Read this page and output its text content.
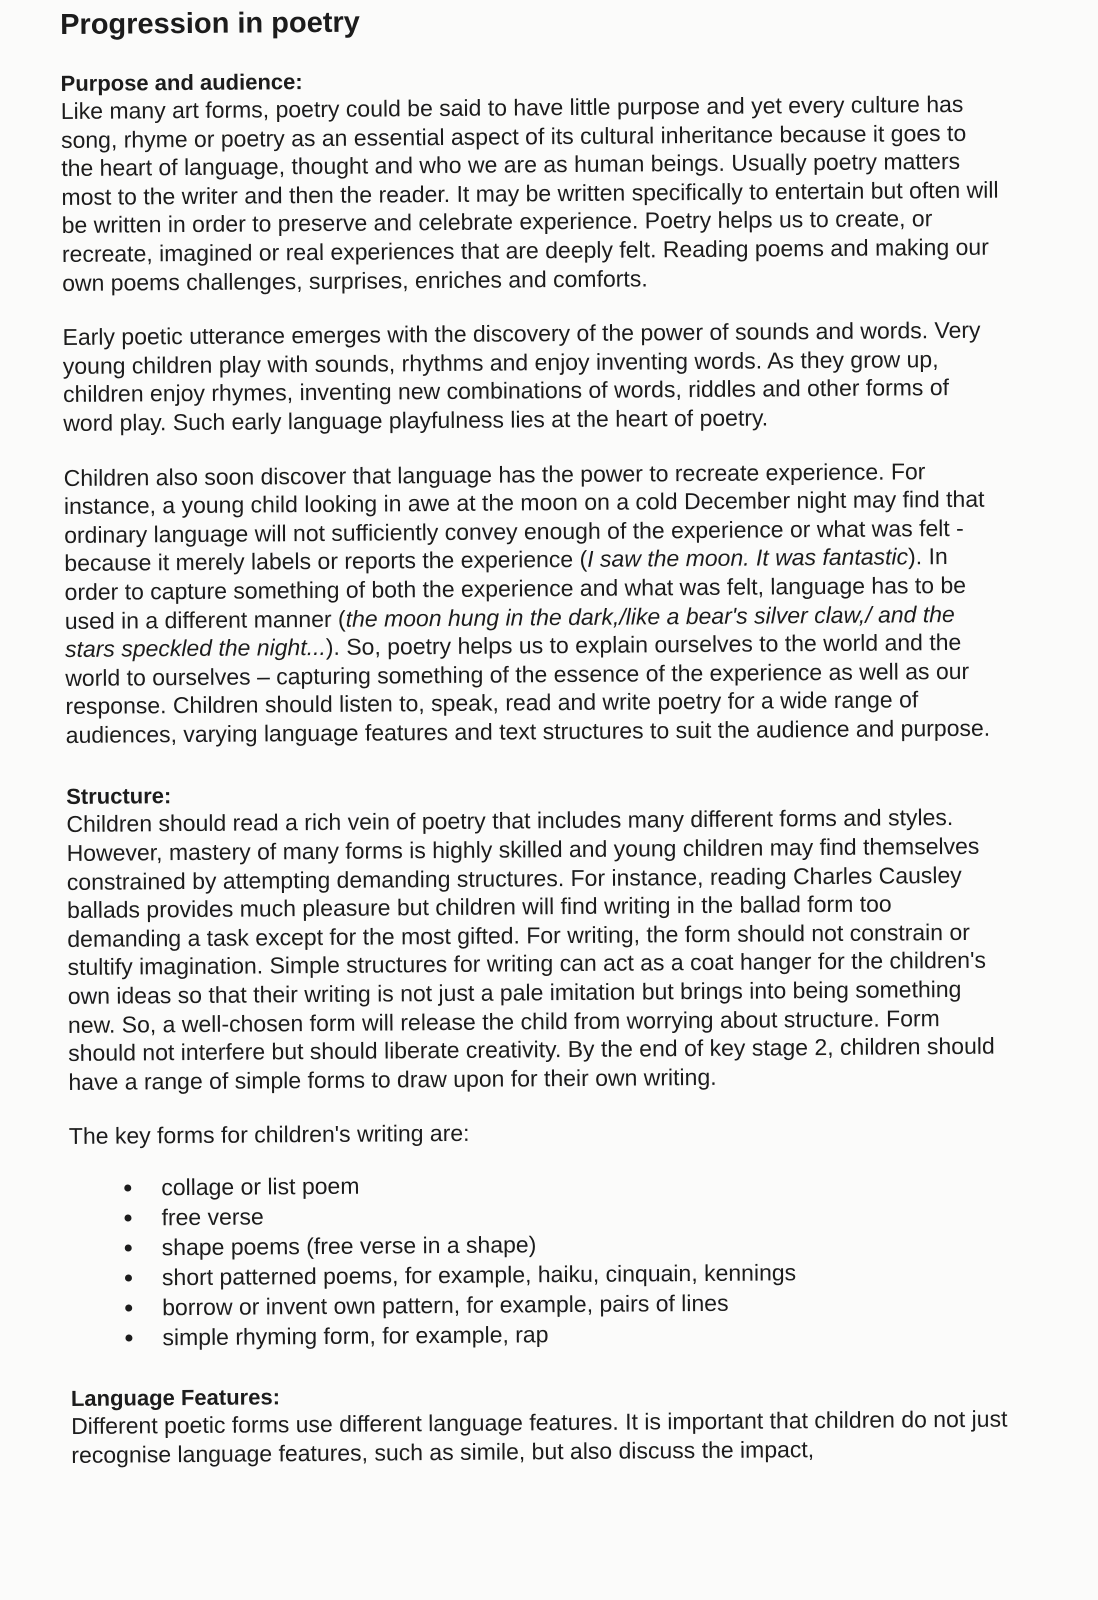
Progression in poetry
Purpose and audience:

Like many art forms, poetry could be said to have little purpose and yet every culture has song, rhyme or poetry as an essential aspect of its cultural inheritance because it goes to the heart of language, thought and who we are as human beings. Usually poetry matters most to the writer and then the reader. It may be written specifically to entertain but often will be written in order to preserve and celebrate experience. Poetry helps us to create, or recreate, imagined or real experiences that are deeply felt. Reading poems and making our own poems challenges, surprises, enriches and comforts.

Early poetic utterance emerges with the discovery of the power of sounds and words. Very young children play with sounds, rhythms and enjoy inventing words. As they grow up, children enjoy rhymes, inventing new combinations of words, riddles and other forms of word play. Such early language playfulness lies at the heart of poetry.

Children also soon discover that language has the power to recreate experience. For instance, a young child looking in awe at the moon on a cold December night may find that ordinary language will not sufficiently convey enough of the experience or what was felt - because it merely labels or reports the experience (I saw the moon. It was fantastic). In order to capture something of both the experience and what was felt, language has to be used in a different manner (the moon hung in the dark,/like a bear's silver claw,/ and the stars speckled the night...). So, poetry helps us to explain ourselves to the world and the world to ourselves – capturing something of the essence of the experience as well as our response. Children should listen to, speak, read and write poetry for a wide range of audiences, varying language features and text structures to suit the audience and purpose.

Structure:

Children should read a rich vein of poetry that includes many different forms and styles. However, mastery of many forms is highly skilled and young children may find themselves constrained by attempting demanding structures. For instance, reading Charles Causley ballads provides much pleasure but children will find writing in the ballad form too demanding a task except for the most gifted. For writing, the form should not constrain or stultify imagination. Simple structures for writing can act as a coat hanger for the children's own ideas so that their writing is not just a pale imitation but brings into being something new. So, a well-chosen form will release the child from worrying about structure. Form should not interfere but should liberate creativity. By the end of key stage 2, children should have a range of simple forms to draw upon for their own writing.

The key forms for children's writing are:

collage or list poem
free verse
shape poems (free verse in a shape)
short patterned poems, for example, haiku, cinquain, kennings
borrow or invent own pattern, for example, pairs of lines
simple rhyming form, for example, rap
Language Features:

Different poetic forms use different language features. It is important that children do not just recognise language features, such as simile, but also discuss the impact,
